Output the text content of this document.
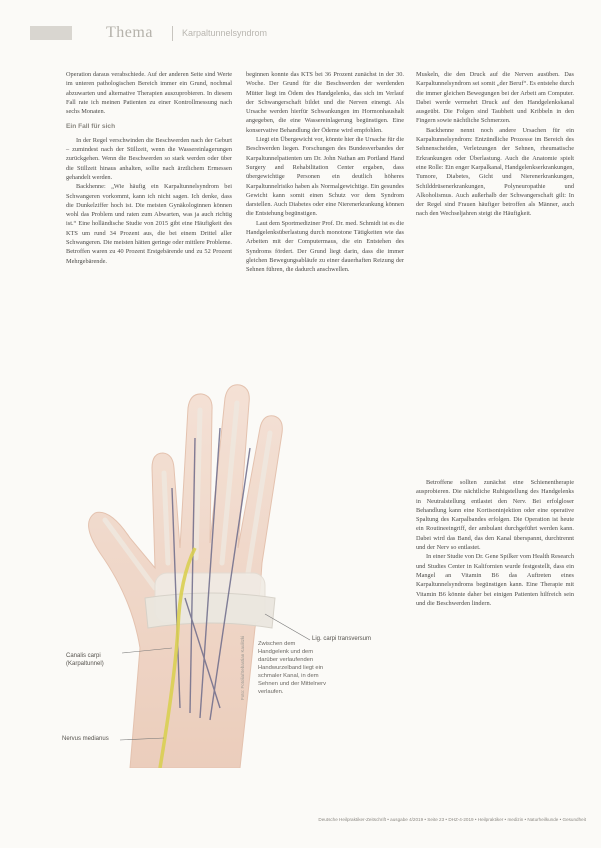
Thema	Karpaltunnelsyndrom

Operation daraus verabschiede. Auf der anderen Seite sind Werte im unteren pathologischen Bereich immer ein Grund, nochmal abzuwarten und alternative Therapien auszuprobieren. In diesem Fall rate ich meinen Patienten zu einer Kontrollmessung nach sechs Monaten.

Ein Fall für sich

In der Regel verschwinden die Beschwerden nach der Geburt – zumindest nach der Stillzeit, wenn die Wassereinlagerungen zurückgehen. Wenn die Beschwerden so stark werden oder über die Stillzeit hinaus anhalten, sollte nach ärztlichem Ermessen gehandelt werden.

Backhenne: „Wie häufig ein Karpaltunnelsyndrom bei Schwangeren vorkommt, kann ich nicht sagen. Ich denke, dass die Dunkelziffer hoch ist. Die meisten Gynäkologinnen können wohl das Problem und raten zum Abwarten, was ja auch richtig ist.“ Eine holländische Studie von 2015 gibt eine Häufigkeit des KTS um rund 34 Prozent aus, die bei einem Drittel aller Schwangeren. Die meisten hätten geringe oder mittlere Probleme. Betroffen waren zu 40 Prozent Erstgebärende und zu 52 Prozent Mehrgebärende.

beginnen konnte das KTS bei 36 Prozent zunächst in der 30. Woche. Der Grund für die Beschwerden der werdenden Mütter liegt im Ödem des Handgelenks, das sich im Verlauf der Schwangerschaft bildet und die Nerven einengt. Als Ursache werden hierfür Schwankungen im Hormonhaushalt angegeben, die eine Wassereinlagerung begünstigen. Eine konservative Behandlung der Ödeme wird empfohlen.

Liegt ein Übergewicht vor, könnte hier die Ursache für die Beschwerden liegen. Forschungen des Bundesverbandes der Karpaltunnelpatienten um Dr. John Nathan am Portland Hand Surgery and Rehabilitation Center ergaben, dass übergewichtige Personen ein deutlich höheres Karpaltunnelrisiko haben als Normalgewichtige. Ein gesundes Gewicht kann somit einen Schutz vor dem Syndrom darstellen. Auch Diabetes oder eine Nierenerkrankung können die Entstehung begünstigen.

Laut dem Sportmediziner Prof. Dr. med. Schmidt ist es die Handgelenksüberlastung durch monotone Tätigkeiten wie das Arbeiten mit der Computermaus, die ein Entstehen des Syndroms fördert. Der Grund liegt darin, dass die immer gleichen Bewegungsabläufe zu einer dauerhaften Reizung der Sehnen führen, die dadurch anschwellen.

Muskeln, die den Druck auf die Nerven ausüben. Das Karpaltunnelsyndrom sei somit „der Beruf“. Es entstehe durch die immer gleichen Bewegungen bei der Arbeit am Computer. Dabei werde vermehrt Druck auf den Handgelenkskanal ausgeübt. Die Folgen sind Taubheit und Kribbeln in den Fingern sowie nächtliche Schmerzen.

Backhenne nennt noch andere Ursachen für ein Karpaltunnelsyndrom: Entzündliche Prozesse im Bereich des Sehnenscheiden, Verletzungen der Sehnen, rheumatische Erkrankungen oder Überlastung. Auch die Anatomie spielt eine Rolle: Ein enger Karpalkanal, Handgelenkserkrankungen, Tumore, Diabetes, Gicht und Nierenerkrankungen, Schilddrüsenerkrankungen, Polyneuropathie und Alkoholismus. Auch außerhalb der Schwangerschaft gilt: In der Regel sind Frauen häufiger betroffen als Männer, auch nach den Wechseljahren steigt die Häufigkeit.

Betroffene sollten zunächst eine Schienentherapie ausprobieren. Die nächtliche Ruhigstellung des Handgelenks in Neutralstellung entlastet den Nerv. Bei erfolgloser Behandlung kann eine Kortisoninjektion oder eine operative Spaltung des Karpalbandes erfolgen. Die Operation ist heute ein Routineeingriff, der ambulant durchgeführt werden kann. Dabei wird das Band, das den Kanal überspannt, durchtrennt und der Nerv so entlastet.

In einer Studie von Dr. Gene Spilker vom Health Research und Studies Center in Kalifornien wurde festgestellt, dass ein Mangel an Vitamin B6 das Auftreten eines Karpaltunnelsyndroms begünstigen kann. Eine Therapie mit Vitamin B6 könnte daher bei einigen Patienten hilfreich sein und die Beschwerden lindern.

Lig. carpi transversum
Canalis carpi
(Karpaltunnel)
Nervus medianus
Zwischen dem Handgelenk und dem darüber verlaufenden Handwurzelband liegt ein schmaler Kanal, in dem Sehnen und der Mittelnerv verlaufen.
Foto: Fotolia/Sebastian Kaulitzki
Deutsche Heilpraktiker-Zeitschrift • ausgabe 4/2019 • Seite 23 • DHZ-4-2019 • Heilpraktiker • medizin • Naturheilkunde • Gesundheit
